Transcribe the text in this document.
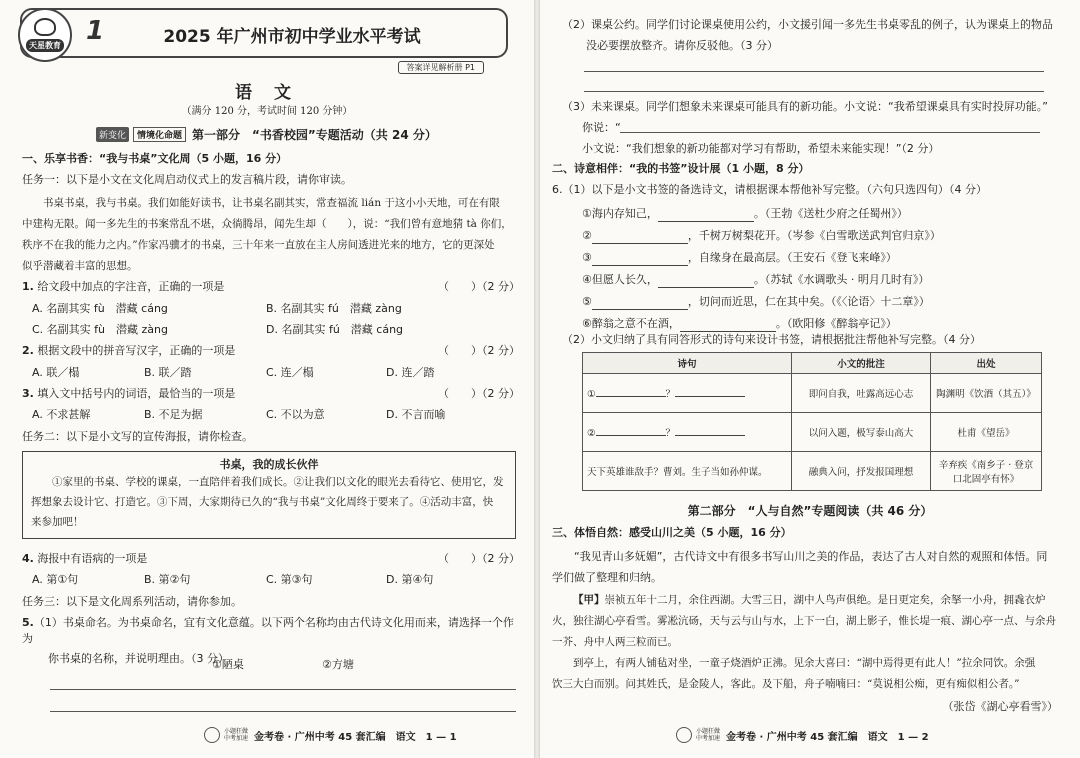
天星教育 1	2025 年广州市初中学业水平考试
答案详见解析册 P1
语 文
（满分 120 分，考试时间 120 分钟）
新变化	情境化命题 第一部分　“书香校园”专题活动（共 24 分）
一、乐享书香：“我与书桌”文化周（5 小题，16 分）
任务一：以下是小文在文化周启动仪式上的发言稿片段，请你审读。
书桌书桌，我与书桌。我们如能好读书，让书桌名副其实，常查福流 lián 于这小小天地，可在有限
中建构无限。闻一多先生的书案常乱不堪，众徜腾昂，闻先生却（　　），说：“我们曾有意地猜 tà 你们，
秩序不在我的能力之内。”作家冯骥才的书桌，三十年来一直放在主人房间透进光来的地方，它的更深处
似乎潜藏着丰富的思想。
1. 给文段中加点的字注音，正确的一项是	（　　）（2 分）
A. 名副其实 fù　潜藏 cáng	B. 名副其实 fú　潜藏 zàng
C. 名副其实 fù　潜藏 zàng	D. 名副其实 fú　潜藏 cáng
2. 根据文段中的拼音写汉字，正确的一项是	（　　）（2 分）
A. 联／榻	B. 联／踏	C. 连／榻	D. 连／踏
3. 填入文中括号内的词语，最恰当的一项是	（　　）（2 分）
A. 不求甚解	B. 不足为据	C. 不以为意	D. 不言而喻
任务二：以下是小文写的宣传海报，请你检查。
书桌，我的成长伙伴
①家里的书桌、学校的课桌，一直陪伴着我们成长。②让我们以文化的眼光去看待它、使用它，发
挥想象去设计它、打造它。③下周，大家期待已久的“我与书桌”文化周终于要来了。④活动丰富，快
来参加吧！
4. 海报中有语病的一项是	（　　）（2 分）
A. 第①句	B. 第②句	C. 第③句	D. 第④句
任务三：以下是文化周系列活动，请你参加。
5.（1）书桌命名。为书桌命名，宜有文化意蕴。以下两个名称均由古代诗文化用而来，请选择一个作为
你书桌的名称，并说明理由。（3 分）
①陋桌	②方塘
小题狂做
中考加速 金考卷 · 广州中考 45 套汇编　语文　1 — 1
（2）课桌公约。同学们讨论课桌使用公约，小文援引闻一多先生书桌零乱的例子，认为课桌上的物品
没必要摆放整齐。请你反驳他。（3 分）
（3）未来课桌。同学们想象未来课桌可能具有的新功能。小文说：“我希望课桌具有实时投屏功能。”
你说：“
小文说：“我们想象的新功能都对学习有帮助，希望未来能实现！”（2 分）
二、诗意相伴：“我的书签”设计展（1 小题，8 分）
6.（1）以下是小文书签的备选诗文，请根据课本帮他补写完整。（六句只选四句）（4 分）
①海内存知己，	。（王勃《送杜少府之任蜀州》）
②	，千树万树梨花开。（岑参《白雪歌送武判官归京》）
③	，自缘身在最高层。（王安石《登飞来峰》）
④但愿人长久，	。（苏轼《水调歌头 · 明月几时有》）
⑤	，切问而近思，仁在其中矣。（《〈论语〉十二章》）
⑥醉翁之意不在酒，	。（欧阳修《醉翁亭记》）
（2）小文归纳了具有同答形式的诗句来设计书签，请根据批注帮他补写完整。（4 分）
诗句	小文的批注	出处
① ？	即问自我，吐露高远心志	陶渊明《饮酒（其五）》
② ？	以问入题，极写泰山高大	杜甫《望岳》
天下英雄谁敌手？曹刘。生子当如孙仲谋。	融典入问，抒发报国理想	辛弃疾《南乡子 · 登京口北固亭有怀》
第二部分　“人与自然”专题阅读（共 46 分）
三、体悟自然：感受山川之美（5 小题，16 分）
“我见青山多妩媚”，古代诗文中有很多书写山川之美的作品，表达了古人对自然的观照和体悟。同
学们做了整理和归纳。
【甲】崇祯五年十二月，余住西湖。大雪三日，湖中人鸟声俱绝。是日更定矣，余拏一小舟，拥毳衣炉
火，独往湖心亭看雪。雾凇沆砀，天与云与山与水，上下一白，湖上影子，惟长堤一痕、湖心亭一点、与余舟
一芥、舟中人两三粒而已。
到亭上，有两人铺毡对坐，一童子烧酒炉正沸。见余大喜曰：“湖中焉得更有此人！”拉余同饮。余强
饮三大白而别。问其姓氏，是金陵人，客此。及下船，舟子喃喃曰：“莫说相公痴，更有痴似相公者。”
（张岱《湖心亭看雪》）
小题狂做
中考加速 金考卷 · 广州中考 45 套汇编　语文　1 — 2
